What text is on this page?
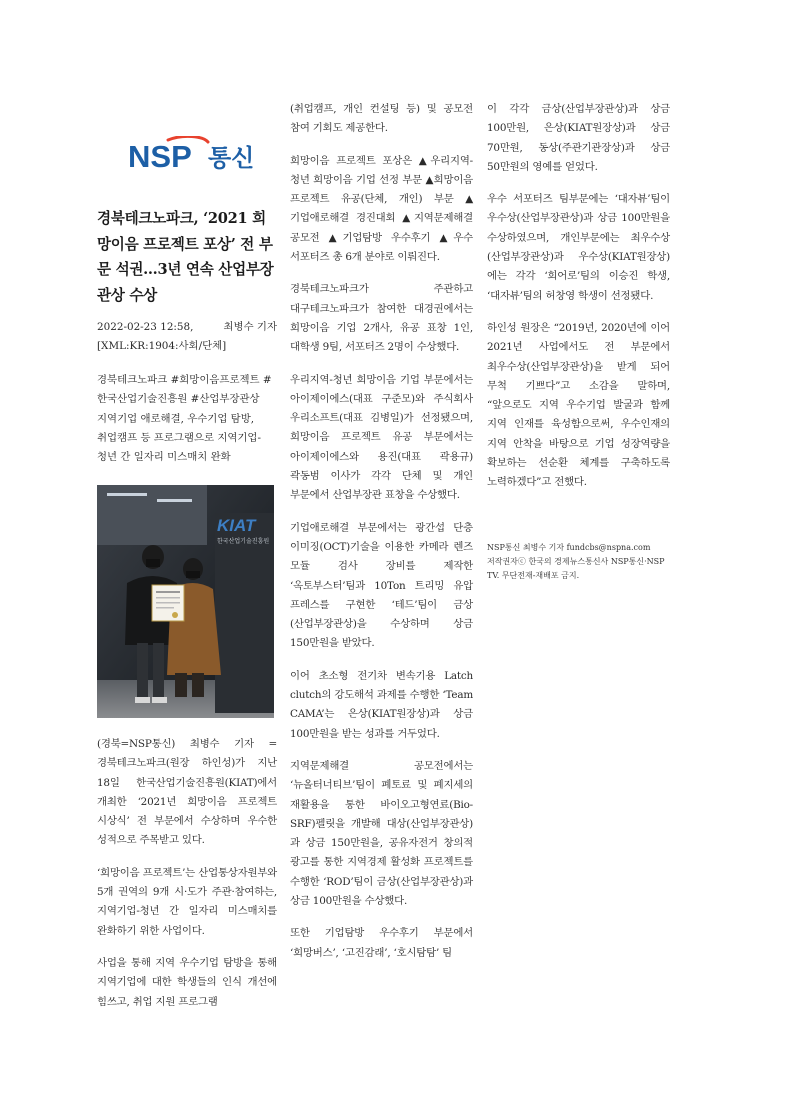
NSP 통신
경북테크노파크, ‘2021 희망이음 프로젝트 포상’ 전 부문 석권…3년 연속 산업부장관상 수상
2022-02-23 12:58,	최병수 기자
[XML:KR:1904:사회/단체]
경북테크노파크 #희망이음프로젝트 # 한국산업기술진흥원 #산업부장관상
지역기업 애로해결, 우수기업 탐방, 취업캠프 등 프로그램으로 지역기업-청년 간 일자리 미스매치 완화
KIAT
한국산업기술진흥원

(경북=NSP통신) 최병수 기자 = 경북테크노파크(원장 하인성)가 지난 18일 한국산업기술진흥원(KIAT)에서 개최한 ‘2021년 희망이음 프로젝트 시상식’ 전 부문에서 수상하며 우수한 성적으로 주목받고 있다.

‘희망이음 프로젝트’는 산업통상자원부와 5개 권역의 9개 시·도가 주관·참여하는, 지역기업-청년 간 일자리 미스매치를 완화하기 위한 사업이다.

사업을 통해 지역 우수기업 탐방을 통해 지역기업에 대한 학생들의 인식 개선에 힘쓰고, 취업 지원 프로그램

(취업캠프, 개인 컨설팅 등) 및 공모전 참여 기회도 제공한다.

희망이음 프로젝트 포상은 ▲우리지역-청년 희망이음 기업 선정 부문 ▲희망이음 프로젝트 유공(단체, 개인) 부문 ▲기업애로해결 경진대회 ▲지역문제해결 공모전 ▲기업탐방 우수후기 ▲우수 서포터즈 총 6개 분야로 이뤄진다.

경북테크노파크가 주관하고 대구테크노파크가 참여한 대경권에서는 희망이음 기업 2개사, 유공 표창 1인, 대학생 9팀, 서포터즈 2명이 수상했다.

우리지역-청년 희망이음 기업 부문에서는 아이제이에스(대표 구준모)와 주식회사 우리소프트(대표 김병일)가 선정됐으며, 희망이음 프로젝트 유공 부문에서는 아이제이에스와 용진(대표 곽용규) 곽동범 이사가 각각 단체 및 개인 부문에서 산업부장관 표창을 수상했다.

기업애로해결 부문에서는 광간섭 단층 이미징(OCT)기술을 이용한 카메라 렌즈 모듈 검사 장비를 제작한 ‘옥토부스터’팀과 10Ton 트리밍 유압 프레스를 구현한 ‘테드’팀이 금상(산업부장관상)을 수상하며 상금 150만원을 받았다.

이어 초소형 전기차 변속기용 Latch clutch의 강도해석 과제를 수행한 ‘Team CAMA’는 은상(KIAT원장상)과 상금 100만원을 받는 성과를 거두었다.

지역문제해결 공모전에서는 ‘뉴올터너티브’팀이 폐토료 및 폐지세의 재활용을 통한 바이오고형연료(Bio-SRF)펠릿을 개발해 대상(산업부장관상)과 상금 150만원을, 공유자전거 창의적 광고를 통한 지역경제 활성화 프로젝트를 수행한 ‘ROD’팀이 금상(산업부장관상)과 상금 100만원을 수상했다.

또한 기업탐방 우수후기 부문에서 ‘희망버스’, ‘고진감래’, ‘호시탐탐’ 팀

이 각각 금상(산업부장관상)과 상금 100만원, 은상(KIAT원장상)과 상금 70만원, 동상(주관기관장상)과 상금 50만원의 영예를 얻었다.

우수 서포터즈 팀부문에는 ‘대자뷰’팀이 우수상(산업부장관상)과 상금 100만원을 수상하였으며, 개인부문에는 최우수상(산업부장관상)과 우수상(KIAT원장상)에는 각각 ‘희어로’팀의 이승진 학생, ‘대자뷰’팀의 허창영 학생이 선정됐다.

하인성 원장은 “2019년, 2020년에 이어 2021년 사업에서도 전 부문에서 최우수상(산업부장관상)을 받게 되어 무척 기쁘다”고 소감을 말하며, “앞으로도 지역 우수기업 발굴과 함께 지역 인재를 육성함으로써, 우수인재의 지역 안착을 바탕으로 기업 성장역량을 확보하는 선순환 체계를 구축하도록 노력하겠다”고 전했다.

NSP통신 최병수 기자 fundcbs@nspna.com
저작권자ⓒ 한국의 경제뉴스통신사 NSP통신·NSP TV. 무단전재-재배포 금지.
